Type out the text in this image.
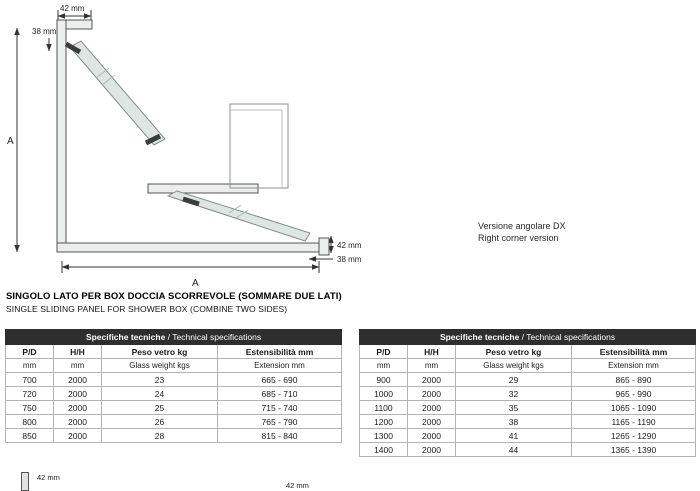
42 mm
38 mm
A
A
42 mm
38 mm
Versione angolare DX
Right corner version
SINGOLO LATO PER BOX DOCCIA SCORREVOLE (SOMMARE DUE LATI)
SINGLE SLIDING PANEL FOR SHOWER BOX (COMBINE TWO SIDES)
Specifiche tecniche / Technical specifications			
P/D	H/H	Peso vetro kg	Estensibilità mm
mm	mm	Glass weight kgs	Extension mm
700	2000	23	665 - 690
720	2000	24	685 - 710
750	2000	25	715 - 740
800	2000	26	765 - 790
850	2000	28	815 - 840
Specifiche tecniche / Technical specifications			
P/D	H/H	Peso vetro kg	Estensibilità mm
mm	mm	Glass weight kgs	Extension mm
900	2000	29	865 - 890
1000	2000	32	965 - 990
1100	2000	35	1065 - 1090
1200	2000	38	1165 - 1190
1300	2000	41	1265 - 1290
1400	2000	44	1365 - 1390
42 mm
42 mm
